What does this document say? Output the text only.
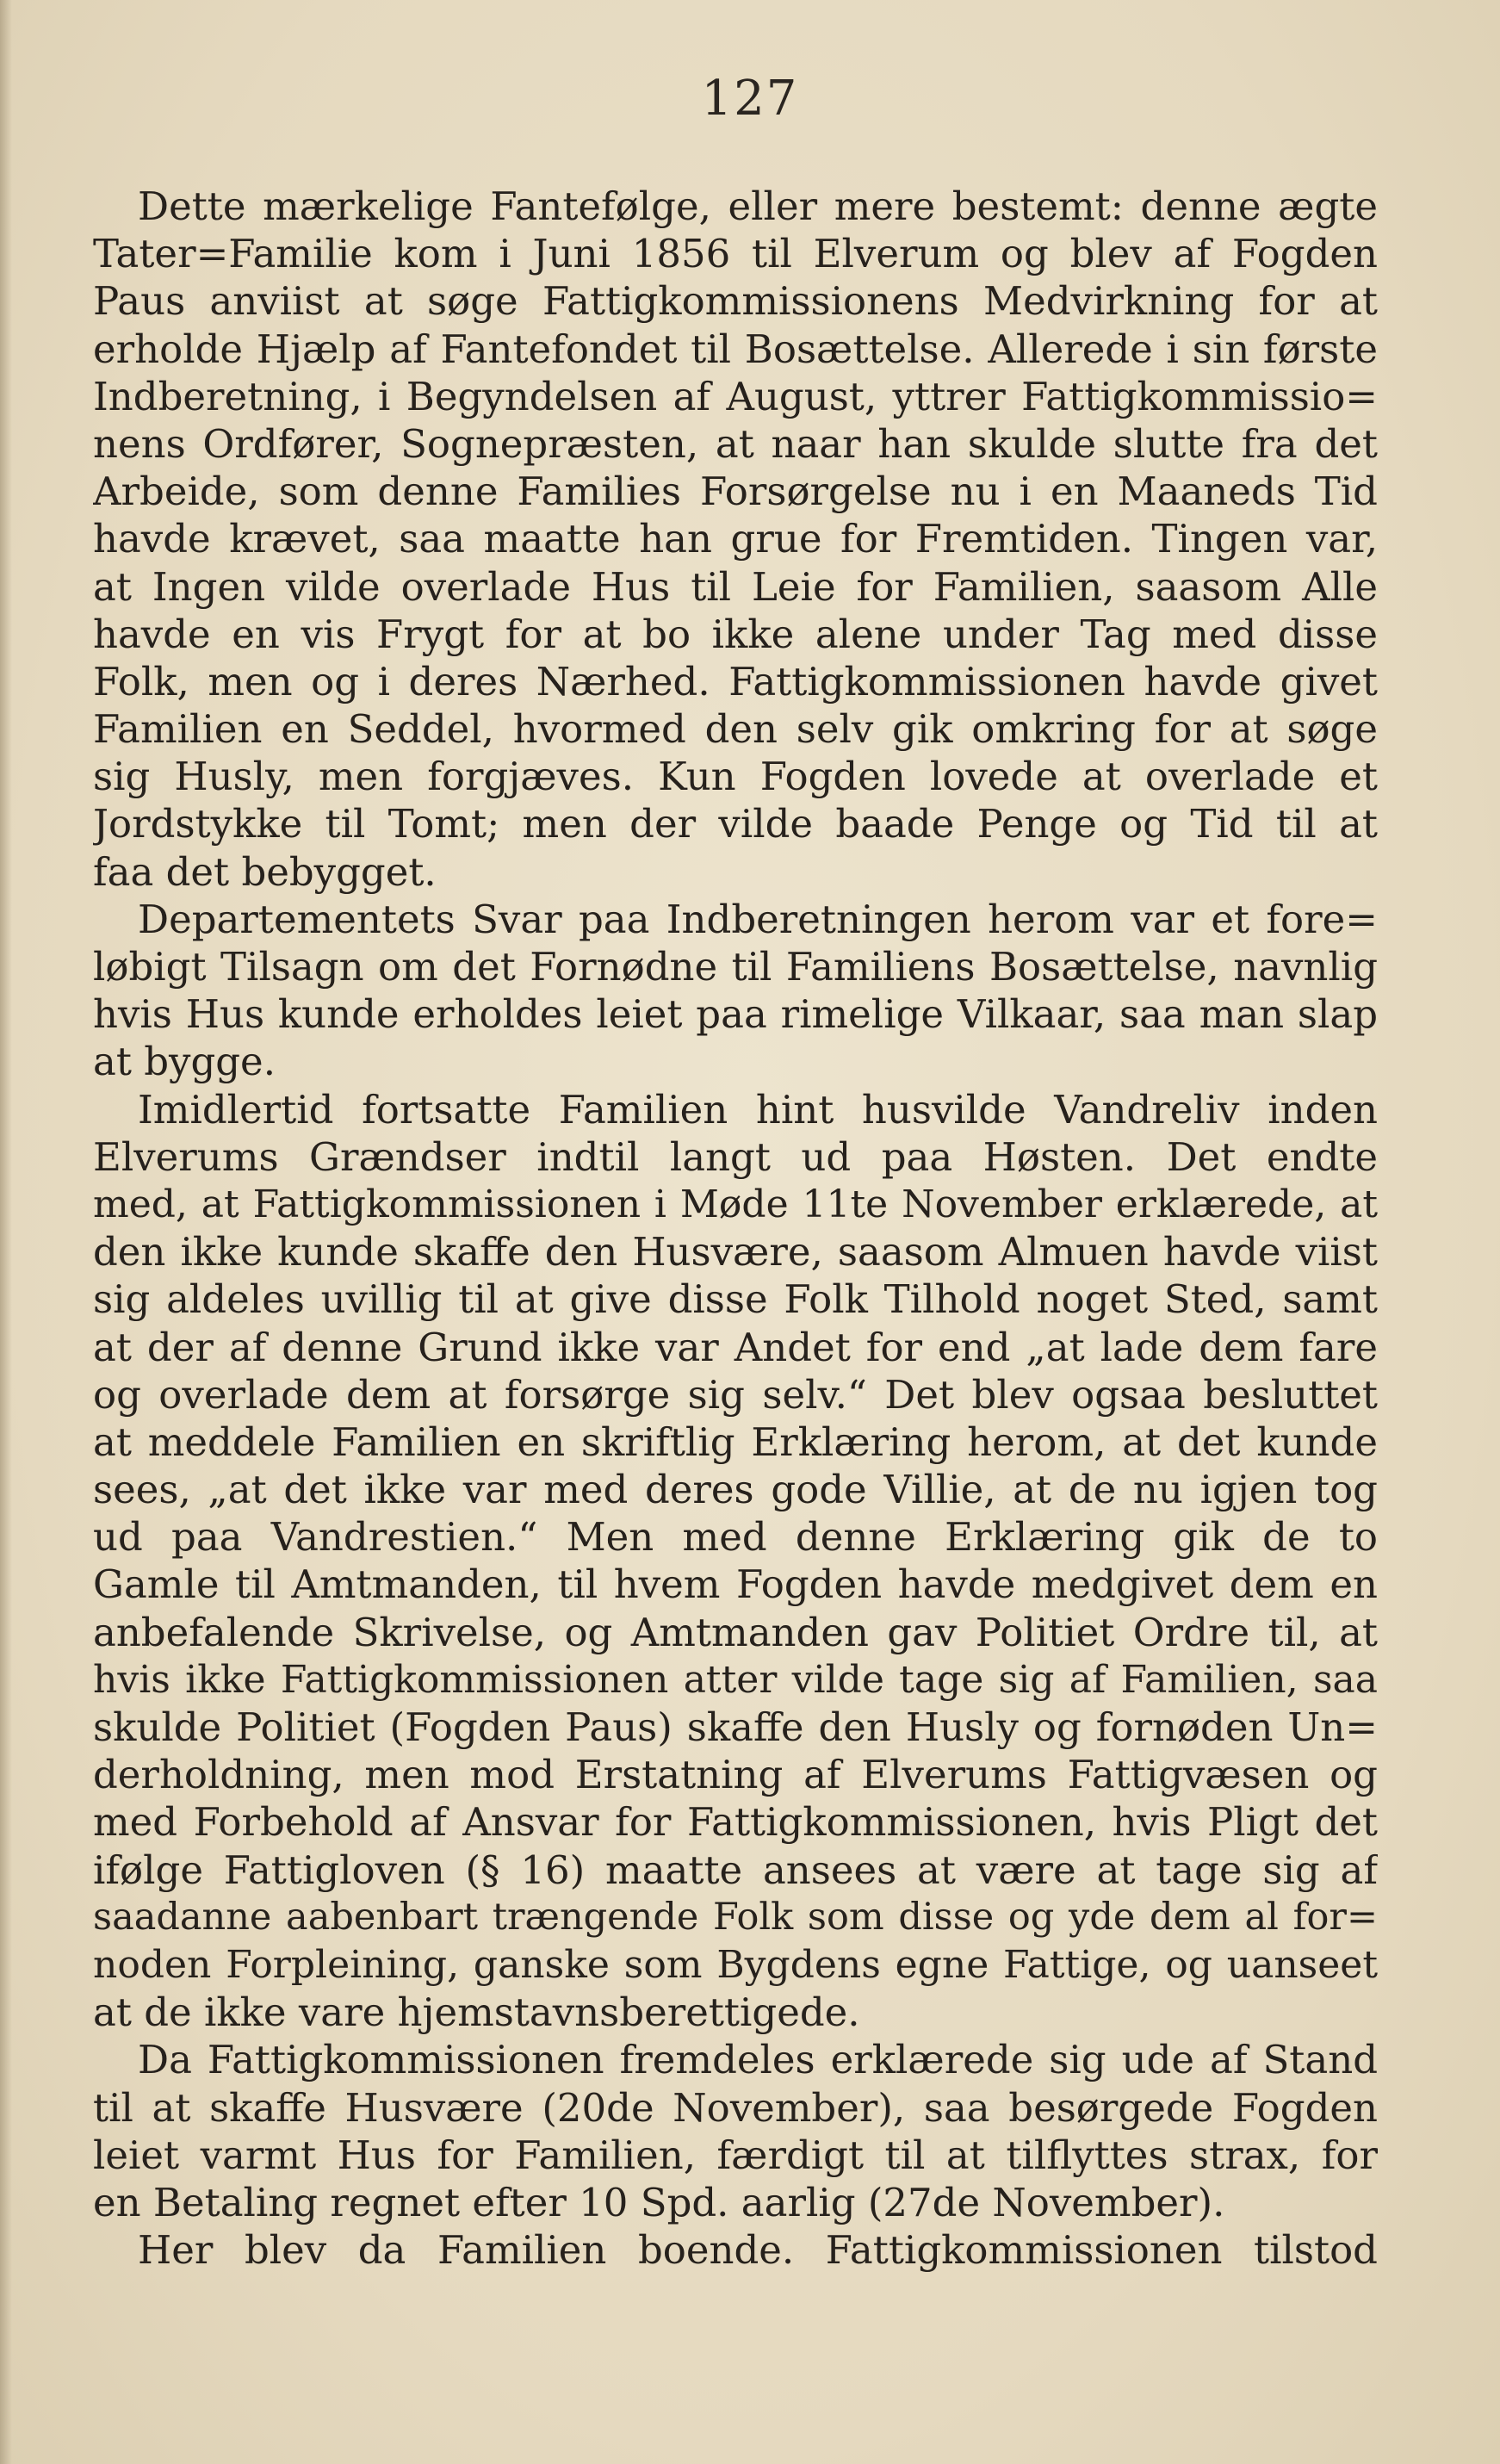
127
Dette mærkelige Fantefølge, eller mere bestemt: denne ægte
Tater=Familie kom i Juni 1856 til Elverum og blev af Fogden
Paus anviist at søge Fattigkommissionens Medvirkning for at
erholde Hjælp af Fantefondet til Bosættelse. Allerede i sin første
Indberetning, i Begyndelsen af August, yttrer Fattigkommissio=
nens Ordfører, Sognepræsten, at naar han skulde slutte fra det
Arbeide, som denne Families Forsørgelse nu i en Maaneds Tid
havde krævet, saa maatte han grue for Fremtiden. Tingen var,
at Ingen vilde overlade Hus til Leie for Familien, saasom Alle
havde en vis Frygt for at bo ikke alene under Tag med disse
Folk, men og i deres Nærhed. Fattigkommissionen havde givet
Familien en Seddel, hvormed den selv gik omkring for at søge
sig Husly, men forgjæves. Kun Fogden lovede at overlade et
Jordstykke til Tomt; men der vilde baade Penge og Tid til at
faa det bebygget.
Departementets Svar paa Indberetningen herom var et fore=
løbigt Tilsagn om det Fornødne til Familiens Bosættelse, navnlig
hvis Hus kunde erholdes leiet paa rimelige Vilkaar, saa man slap
at bygge.
Imidlertid fortsatte Familien hint husvilde Vandreliv inden
Elverums Grændser indtil langt ud paa Høsten. Det endte
med, at Fattigkommissionen i Møde 11te November erklærede, at
den ikke kunde skaffe den Husvære, saasom Almuen havde viist
sig aldeles uvillig til at give disse Folk Tilhold noget Sted, samt
at der af denne Grund ikke var Andet for end „at lade dem fare
og overlade dem at forsørge sig selv.“ Det blev ogsaa besluttet
at meddele Familien en skriftlig Erklæring herom, at det kunde
sees, „at det ikke var med deres gode Villie, at de nu igjen tog
ud paa Vandrestien.“ Men med denne Erklæring gik de to
Gamle til Amtmanden, til hvem Fogden havde medgivet dem en
anbefalende Skrivelse, og Amtmanden gav Politiet Ordre til, at
hvis ikke Fattigkommissionen atter vilde tage sig af Familien, saa
skulde Politiet (Fogden Paus) skaffe den Husly og fornøden Un=
derholdning, men mod Erstatning af Elverums Fattigvæsen og
med Forbehold af Ansvar for Fattigkommissionen, hvis Pligt det
ifølge Fattigloven (§ 16) maatte ansees at være at tage sig af
saadanne aabenbart trængende Folk som disse og yde dem al for=
noden Forpleining, ganske som Bygdens egne Fattige, og uanseet
at de ikke vare hjemstavnsberettigede.
Da Fattigkommissionen fremdeles erklærede sig ude af Stand
til at skaffe Husvære (20de November), saa besørgede Fogden
leiet varmt Hus for Familien, færdigt til at tilflyttes strax, for
en Betaling regnet efter 10 Spd. aarlig (27de November).
Her blev da Familien boende. Fattigkommissionen tilstod
